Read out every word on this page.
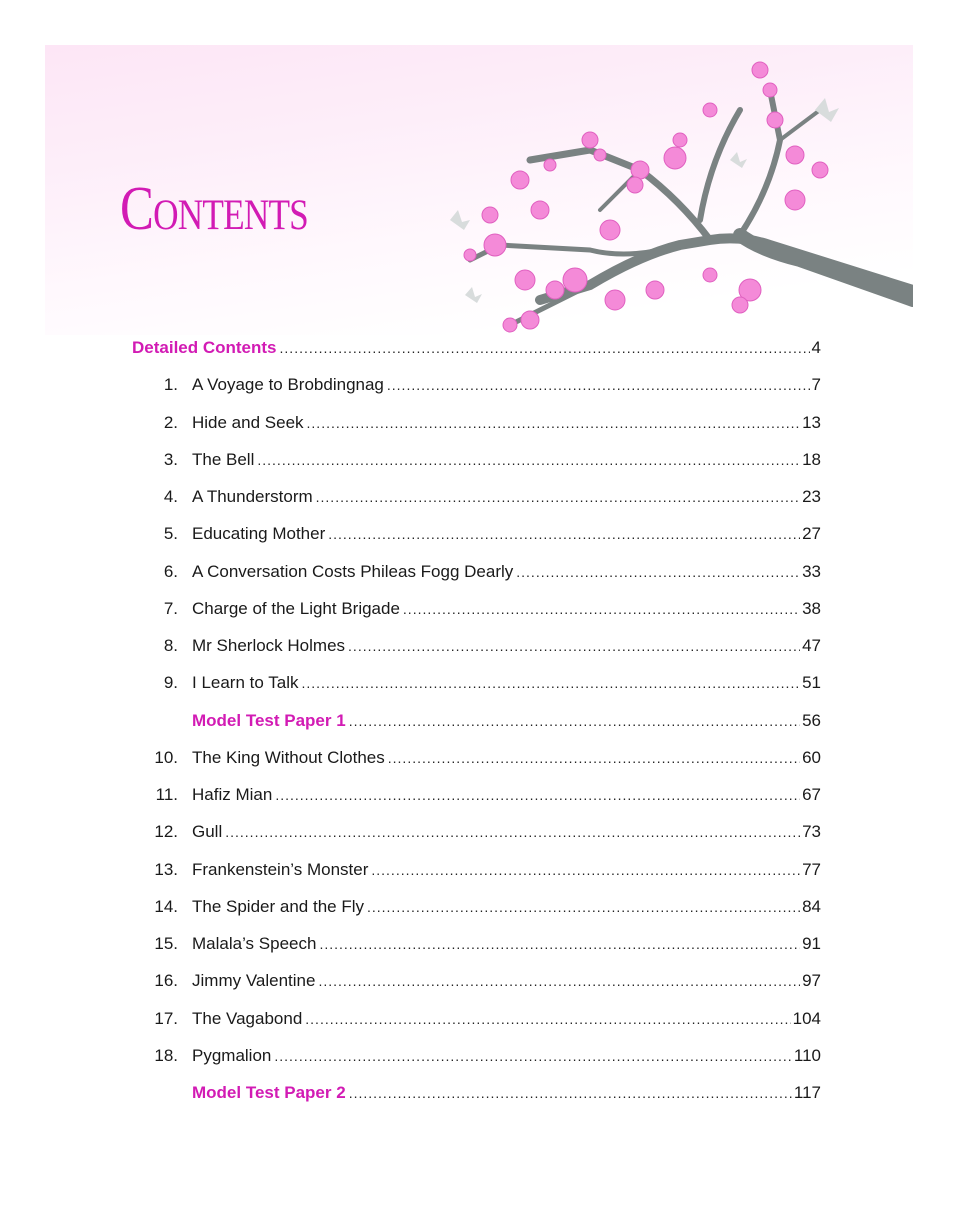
Contents
Detailed Contents .....	4
1. A Voyage to Brobdingnag .....	7
2. Hide and Seek .....	13
3. The Bell .....	18
4. A Thunderstorm .....	23
5. Educating Mother .....	27
6. A Conversation Costs Phileas Fogg Dearly .....	33
7. Charge of the Light Brigade .....	38
8. Mr Sherlock Holmes .....	47
9. I Learn to Talk .....	51
Model Test Paper 1 .....	56
10. The King Without Clothes .....	60
11. Hafiz Mian .....	67
12. Gull .....	73
13. Frankenstein’s Monster .....	77
14. The Spider and the Fly .....	84
15. Malala’s Speech .....	91
16. Jimmy Valentine .....	97
17. The Vagabond .....	104
18. Pygmalion .....	110
Model Test Paper 2 .....	117
